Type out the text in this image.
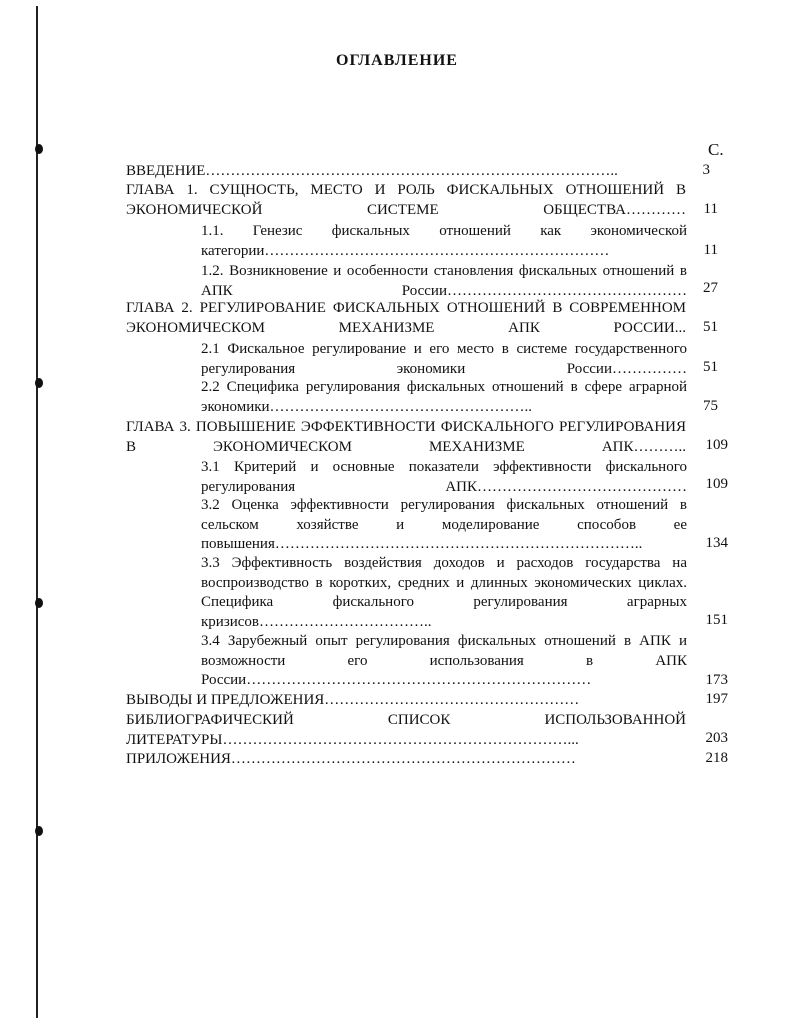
ОГЛАВЛЕНИЕ
С.
ВВЕДЕНИЕ………………………………………………………………………..	3
ГЛАВА 1. СУЩНОСТЬ, МЕСТО И РОЛЬ ФИСКАЛЬНЫХ ОТНОШЕНИЙ В ЭКОНОМИЧЕСКОЙ СИСТЕМЕ ОБЩЕСТВА…………	11
1.1. Генезис фискальных отношений как экономической категории……………………………………………………………	11
1.2. Возникновение и особенности становления фискальных отношений в АПК России…………………………………………	27
ГЛАВА 2. РЕГУЛИРОВАНИЕ ФИСКАЛЬНЫХ ОТНОШЕНИЙ В СОВРЕМЕННОМ ЭКОНОМИЧЕСКОМ МЕХАНИЗМЕ АПК РОССИИ...	51
2.1 Фискальное регулирование и его место в системе государственного регулирования экономики России……………	51
2.2 Специфика регулирования фискальных отношений в сфере аграрной экономики……………………………………………..	75
ГЛАВА 3. ПОВЫШЕНИЕ ЭФФЕКТИВНОСТИ ФИСКАЛЬНОГО РЕГУЛИРОВАНИЯ В ЭКОНОМИЧЕСКОМ МЕХАНИЗМЕ АПК………..	109
3.1 Критерий и основные показатели эффективности фискального регулирования АПК……………………………………	109
3.2 Оценка эффективности регулирования фискальных отношений в сельском хозяйстве и моделирование способов ее повышения………………………………………………………………..	134
3.3 Эффективность воздействия доходов и расходов государства на воспроизводство в коротких, средних и длинных экономических циклах. Специфика фискального регулирования аграрных кризисов……………………………..	151
3.4 Зарубежный опыт регулирования фискальных отношений в АПК и возможности его использования в АПК России……………………………………………………………	173
ВЫВОДЫ И ПРЕДЛОЖЕНИЯ……………………………………………	197
БИБЛИОГРАФИЧЕСКИЙ СПИСОК ИСПОЛЬЗОВАННОЙ ЛИТЕРАТУРЫ……………………………………………………………...	203
ПРИЛОЖЕНИЯ……………………………………………………………	218
